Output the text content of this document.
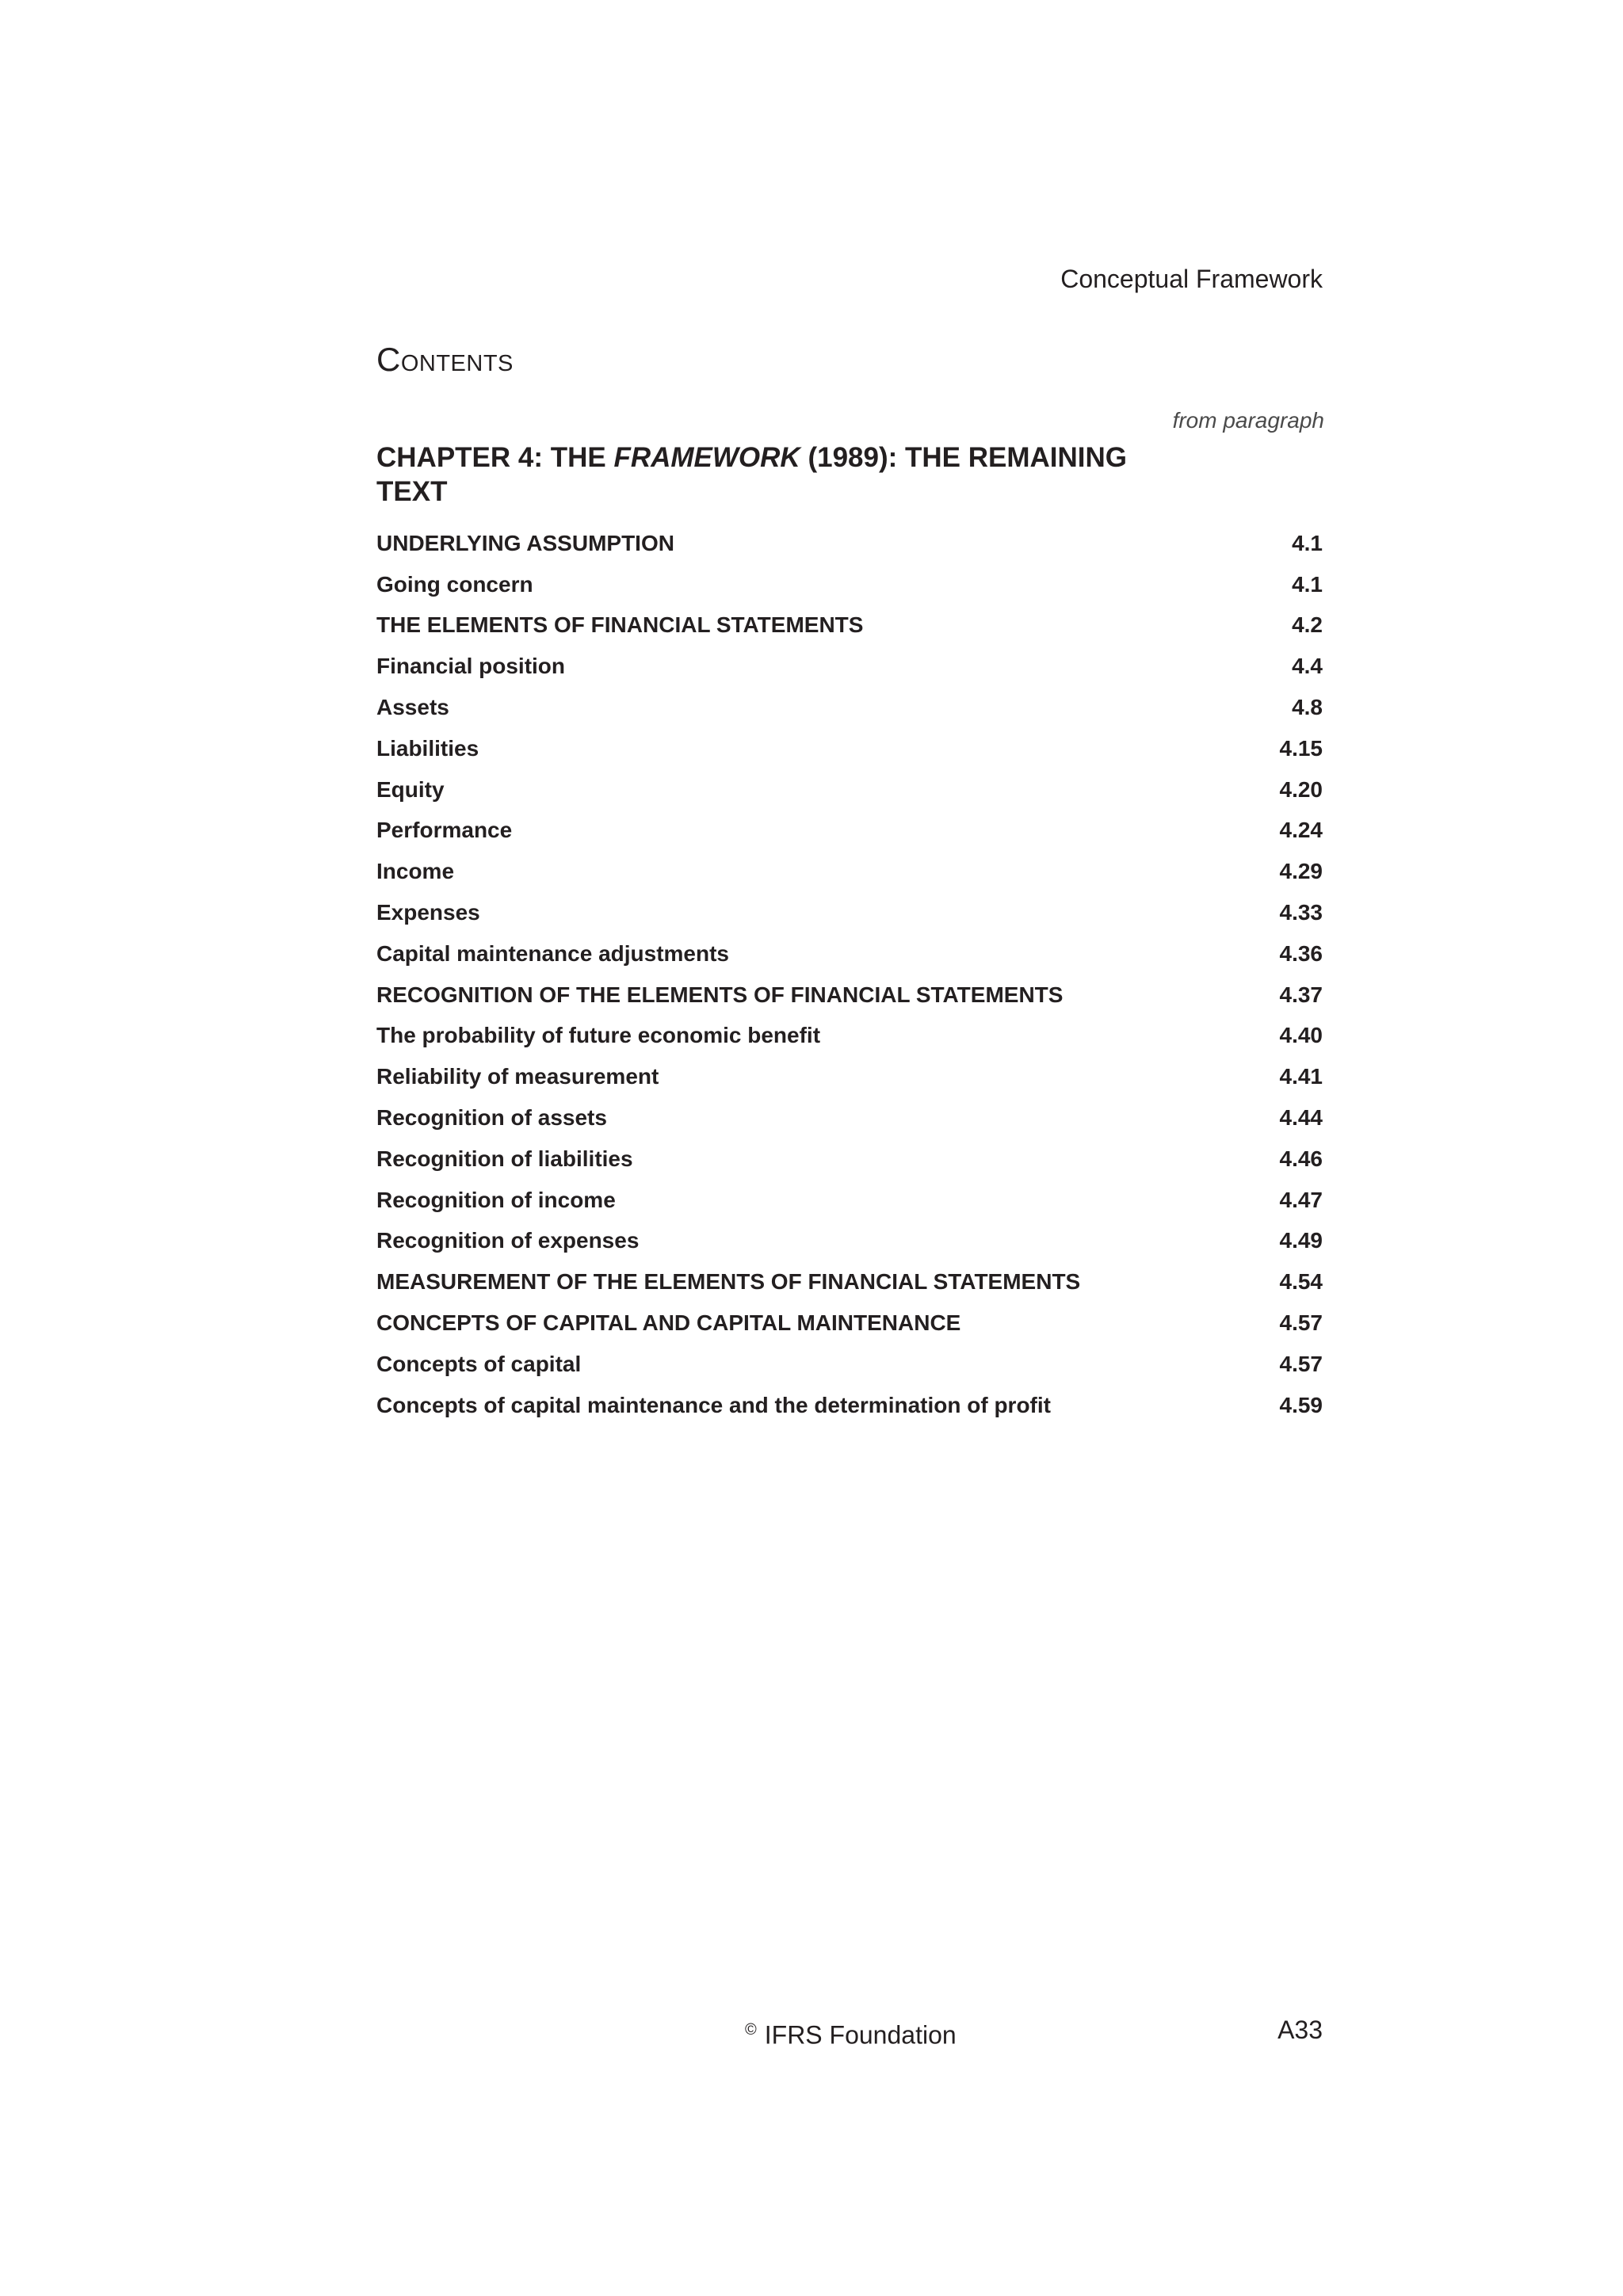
Conceptual Framework
Contents
from paragraph
CHAPTER 4: THE FRAMEWORK (1989): THE REMAINING TEXT
UNDERLYING ASSUMPTION	4.1
Going concern	4.1
THE ELEMENTS OF FINANCIAL STATEMENTS	4.2
Financial position	4.4
Assets	4.8
Liabilities	4.15
Equity	4.20
Performance	4.24
Income	4.29
Expenses	4.33
Capital maintenance adjustments	4.36
RECOGNITION OF THE ELEMENTS OF FINANCIAL STATEMENTS	4.37
The probability of future economic benefit	4.40
Reliability of measurement	4.41
Recognition of assets	4.44
Recognition of liabilities	4.46
Recognition of income	4.47
Recognition of expenses	4.49
MEASUREMENT OF THE ELEMENTS OF FINANCIAL STATEMENTS	4.54
CONCEPTS OF CAPITAL AND CAPITAL MAINTENANCE	4.57
Concepts of capital	4.57
Concepts of capital maintenance and the determination of profit	4.59
© IFRS Foundation	A33
